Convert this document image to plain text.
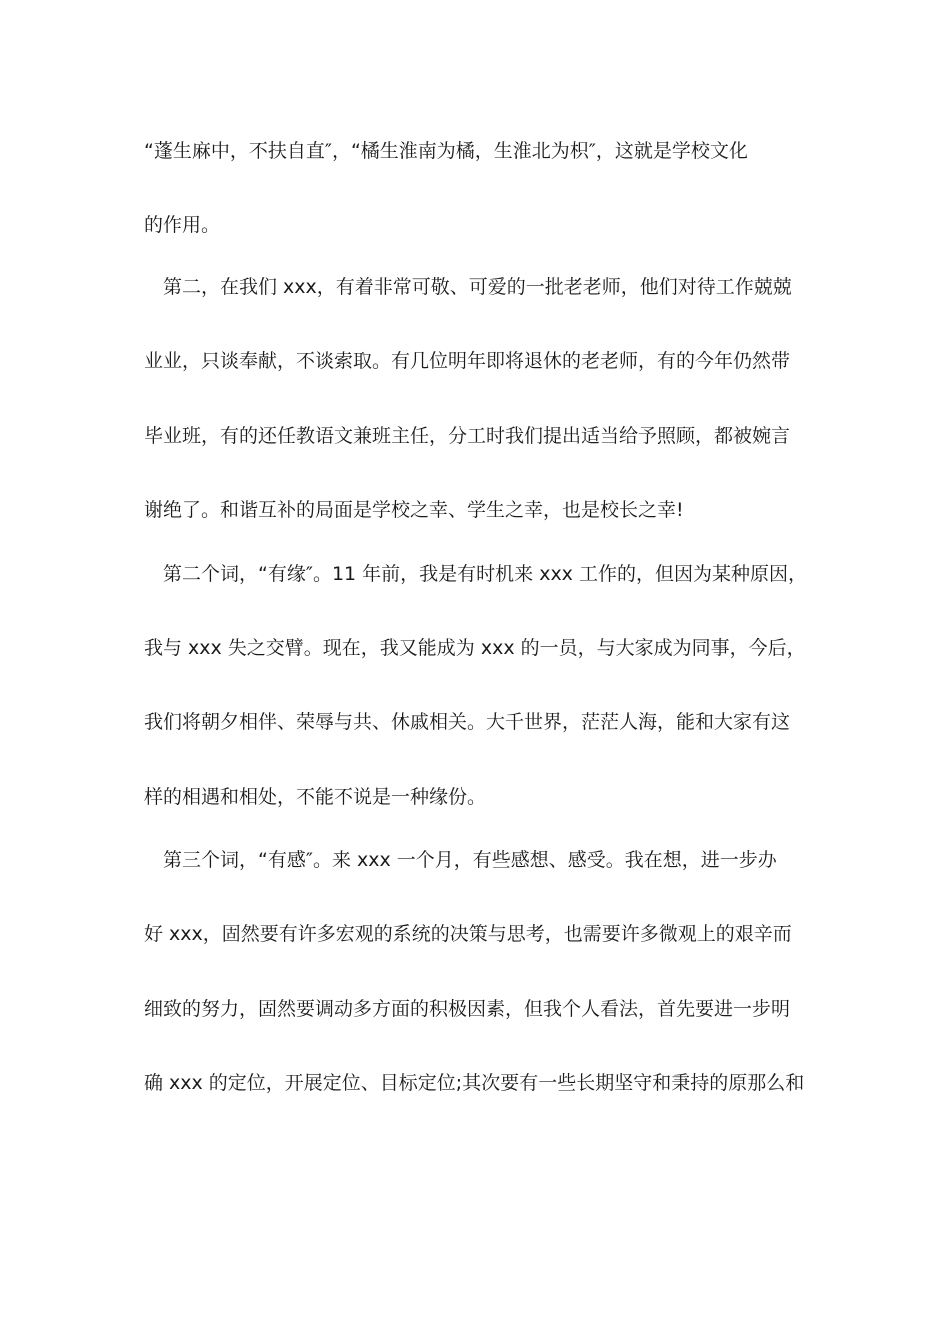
“蓬生麻中，不扶自直″，“橘生淮南为橘，生淮北为枳″，这就是学校文化

的作用。

第二，在我们 xxx，有着非常可敬、可爱的一批老老师，他们对待工作兢兢

业业，只谈奉献，不谈索取。有几位明年即将退休的老老师，有的今年仍然带

毕业班，有的还任教语文兼班主任，分工时我们提出适当给予照顾，都被婉言

谢绝了。和谐互补的局面是学校之幸、学生之幸，也是校长之幸!

第二个词，“有缘″。11 年前，我是有时机来 xxx 工作的，但因为某种原因，

我与 xxx 失之交臂。现在，我又能成为 xxx 的一员，与大家成为同事，今后，

我们将朝夕相伴、荣辱与共、休戚相关。大千世界，茫茫人海，能和大家有这

样的相遇和相处，不能不说是一种缘份。

第三个词，“有感″。来 xxx 一个月，有些感想、感受。我在想，进一步办

好 xxx，固然要有许多宏观的系统的决策与思考，也需要许多微观上的艰辛而

细致的努力，固然要调动多方面的积极因素，但我个人看法，首先要进一步明

确 xxx 的定位，开展定位、目标定位;其次要有一些长期坚守和秉持的原那么和
